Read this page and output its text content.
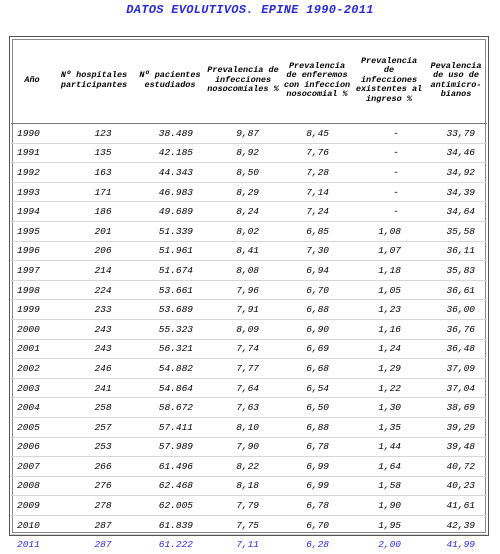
DATOS EVOLUTIVOS. EPINE 1990-2011
Año	Nº hospitales participantes	Nº pacientes estudiados	Prevalencia de infecciones nosocomiales %	Prevalencia de enferemos con infeccion nosocomial %	Prevalencia de infecciones existentes al ingreso %	Pevalencia de uso de antimicro- bianos
1990	123	38.489	9,87	8,45	-	33,79
1991	135	42.185	8,92	7,76	-	34,46
1992	163	44.343	8,50	7,28	-	34,92
1993	171	46.983	8,29	7,14	-	34,39
1994	186	49.689	8,24	7,24	-	34,64
1995	201	51.339	8,02	6,85	1,08	35,58
1996	206	51.961	8,41	7,30	1,07	36,11
1997	214	51.674	8,08	6,94	1,18	35,83
1998	224	53.661	7,96	6,70	1,05	36,61
1999	233	53.689	7,91	6,88	1,23	36,00
2000	243	55.323	8,09	6,90	1,16	36,76
2001	243	56.321	7,74	6,69	1,24	36,48
2002	246	54.882	7,77	6,68	1,29	37,09
2003	241	54.864	7,64	6,54	1,22	37,04
2004	258	58.672	7,63	6,50	1,30	38,69
2005	257	57.411	8,10	6,88	1,35	39,29
2006	253	57.989	7,90	6,78	1,44	39,48
2007	266	61.496	8,22	6,99	1,64	40,72
2008	276	62.468	8,18	6,99	1,58	40,23
2009	278	62.005	7,79	6,78	1,90	41,61
2010	287	61.839	7,75	6,70	1,95	42,39
2011	287	61.222	7,11	6,28	2,00	41,99
